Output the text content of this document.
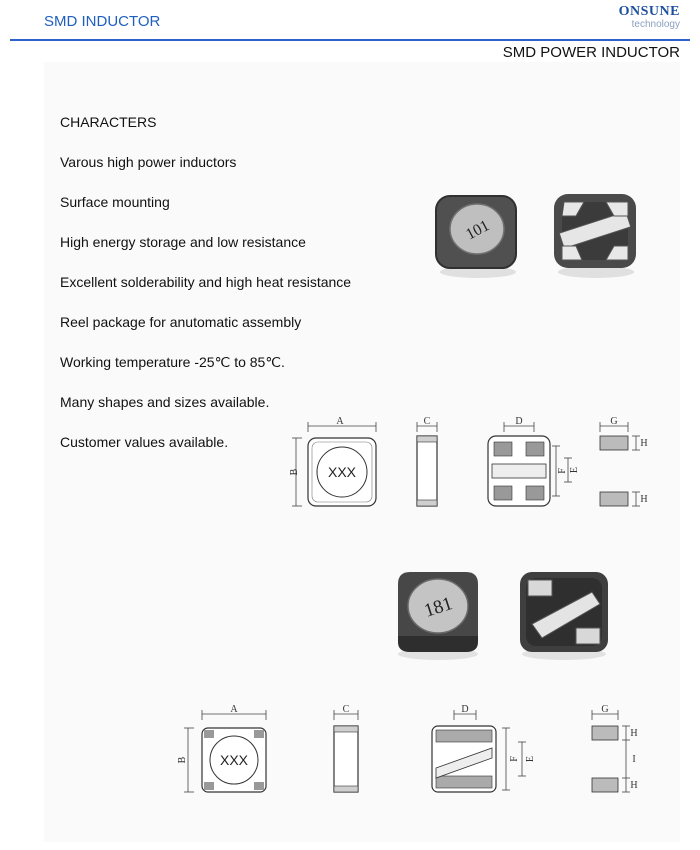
SMD INDUCTOR
ONSUNE
technology
SMD POWER INDUCTOR
CHARACTERS
Varous high power inductors
Surface mounting
High energy storage and low resistance
Excellent solderability and high heat resistance
Reel package for anutomatic assembly
Working temperature -25℃ to 85℃.
Many shapes and sizes available.
Customer values available.
101
A
B XXX
C	D
F E
G
H
H
181
A
B XXX
C	D
F E
G
H
I
H
